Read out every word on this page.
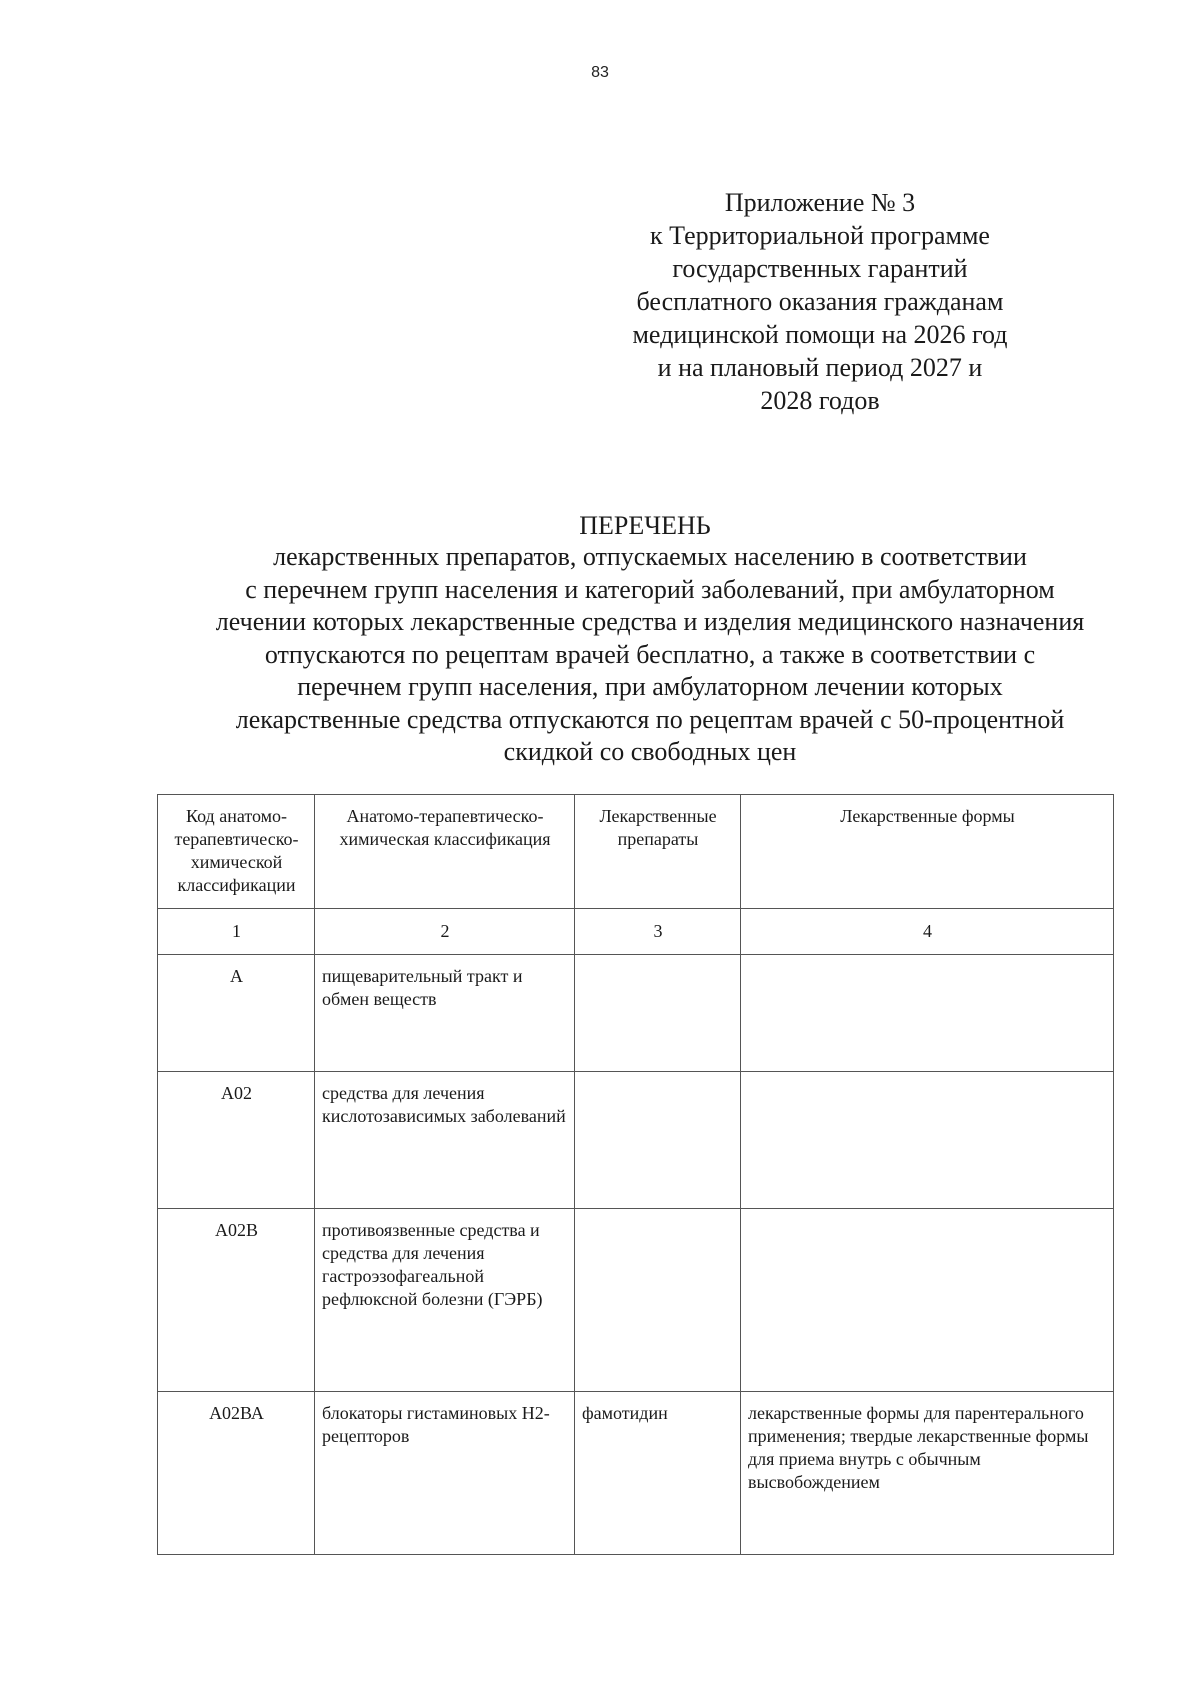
83
Приложение № 3
к Территориальной программе
государственных гарантий
бесплатного оказания гражданам
медицинской помощи на 2026 год
и на плановый период 2027 и
2028 годов
ПЕРЕЧЕНЬ
лекарственных препаратов, отпускаемых населению в соответствии
с перечнем групп населения и категорий заболеваний, при амбулаторном
лечении которых лекарственные средства и изделия медицинского назначения
отпускаются по рецептам врачей бесплатно, а также в соответствии с
перечнем групп населения, при амбулаторном лечении которых
лекарственные средства отпускаются по рецептам врачей с 50-процентной
скидкой со свободных цен
Код анатомо-терапевтическо-химической классификации	Анатомо-терапевтическо-химическая классификация	Лекарственные препараты	Лекарственные формы
1	2	3	4
А	пищеварительный тракт и обмен веществ		
А02	средства для лечения кислотозависимых заболеваний		
А02В	противоязвенные средства и средства для лечения гастроэзофагеальной рефлюксной болезни (ГЭРБ)		
А02ВА	блокаторы гистаминовых Н2-рецепторов	фамотидин	лекарственные формы для парентерального применения; твердые лекарственные формы для приема внутрь с обычным высвобождением
